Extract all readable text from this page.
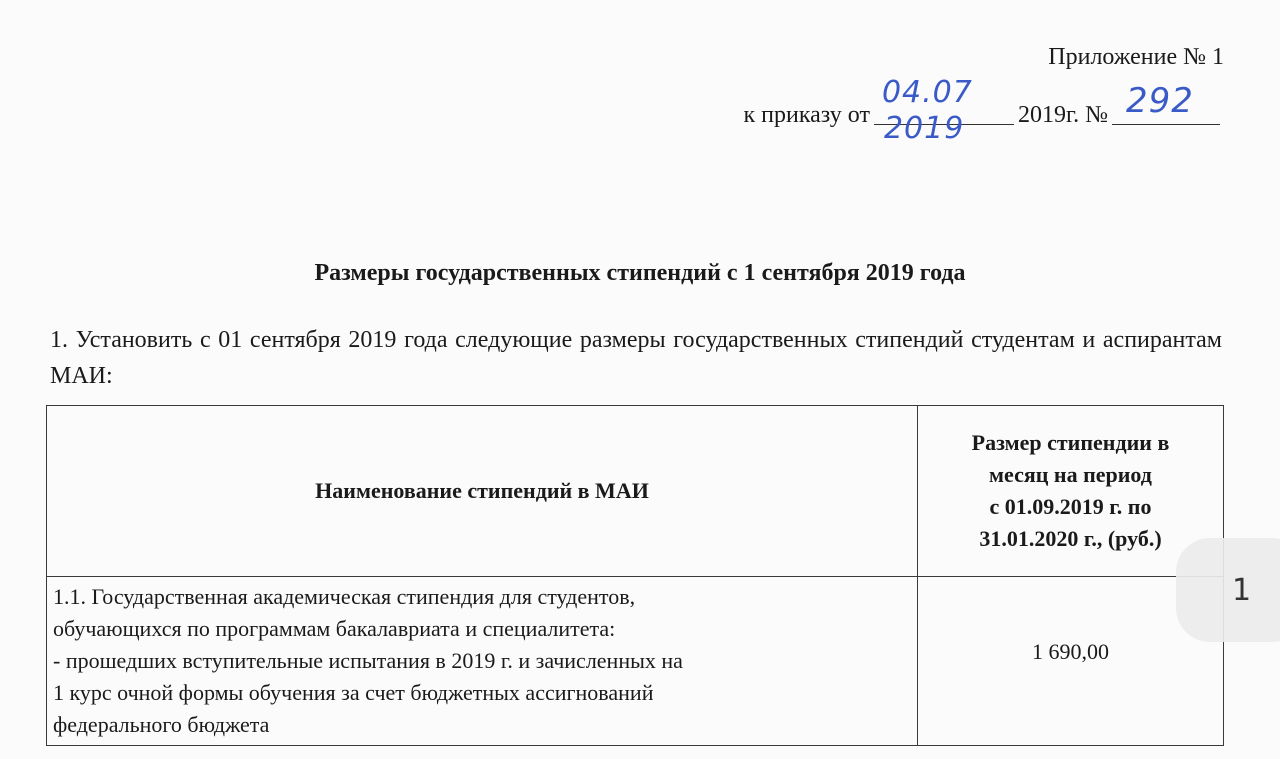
Приложение № 1
к приказу от
04.07
2019 2019г. № 292
Размеры государственных стипендий с 1 сентября 2019 года
1. Установить с 01 сентября 2019 года следующие размеры государственных стипендий студентам и аспирантам МАИ:
Наименование стипендий в МАИ	Размер стипендии в
месяц на период
с 01.09.2019 г. по
31.01.2020 г., (руб.)

1.1. Государственная академическая стипендия для студентов,
обучающихся по программам бакалавриата и специалитета:
- прошедших вступительные испытания в 2019 г. и зачисленных на
1 курс очной формы обучения за счет бюджетных ассигнований
федерального бюджета	1 690,00
1
